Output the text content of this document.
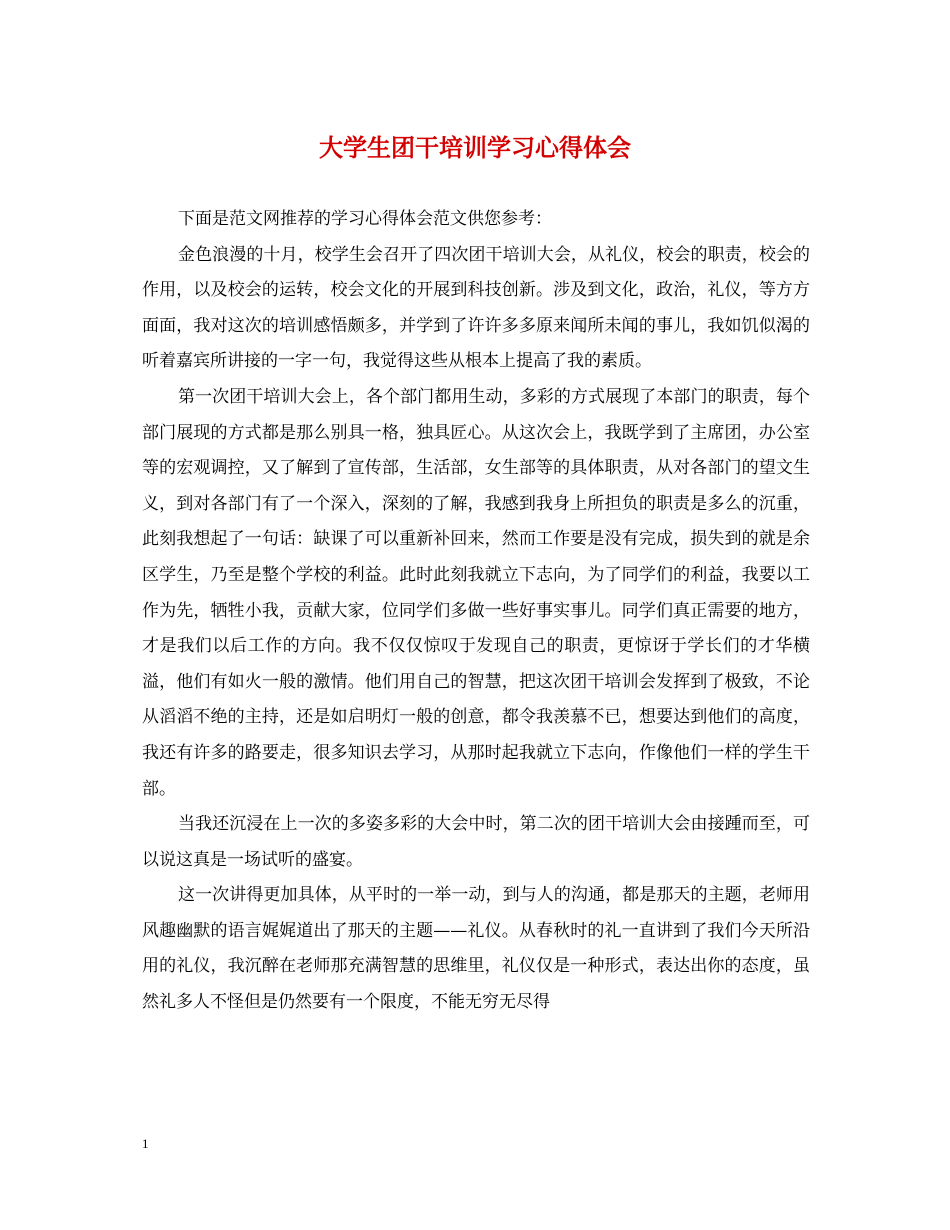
大学生团干培训学习心得体会

下面是范文网推荐的学习心得体会范文供您参考：

金色浪漫的十月，校学生会召开了四次团干培训大会，从礼仪，校会的职责，校会的作用，以及校会的运转，校会文化的开展到科技创新。涉及到文化，政治，礼仪，等方方面面，我对这次的培训感悟颇多，并学到了许许多多原来闻所未闻的事儿，我如饥似渴的听着嘉宾所讲接的一字一句，我觉得这些从根本上提高了我的素质。

第一次团干培训大会上，各个部门都用生动，多彩的方式展现了本部门的职责，每个部门展现的方式都是那么别具一格，独具匠心。从这次会上，我既学到了主席团，办公室等的宏观调控，又了解到了宣传部，生活部，女生部等的具体职责，从对各部门的望文生义，到对各部门有了一个深入，深刻的了解，我感到我身上所担负的职责是多么的沉重，此刻我想起了一句话：缺课了可以重新补回来，然而工作要是没有完成，损失到的就是余区学生，乃至是整个学校的利益。此时此刻我就立下志向，为了同学们的利益，我要以工作为先，牺牲小我，贡献大家，位同学们多做一些好事实事儿。同学们真正需要的地方，才是我们以后工作的方向。我不仅仅惊叹于发现自己的职责，更惊讶于学长们的才华横溢，他们有如火一般的激情。他们用自己的智慧，把这次团干培训会发挥到了极致，不论从滔滔不绝的主持，还是如启明灯一般的创意，都令我羡慕不已，想要达到他们的高度，我还有许多的路要走，很多知识去学习，从那时起我就立下志向，作像他们一样的学生干部。

当我还沉浸在上一次的多姿多彩的大会中时，第二次的团干培训大会由接踵而至，可以说这真是一场试听的盛宴。

这一次讲得更加具体，从平时的一举一动，到与人的沟通，都是那天的主题，老师用风趣幽默的语言娓娓道出了那天的主题——礼仪。从春秋时的礼一直讲到了我们今天所沿用的礼仪，我沉醉在老师那充满智慧的思维里，礼仪仅是一种形式，表达出你的态度，虽然礼多人不怪但是仍然要有一个限度，不能无穷无尽得

1
